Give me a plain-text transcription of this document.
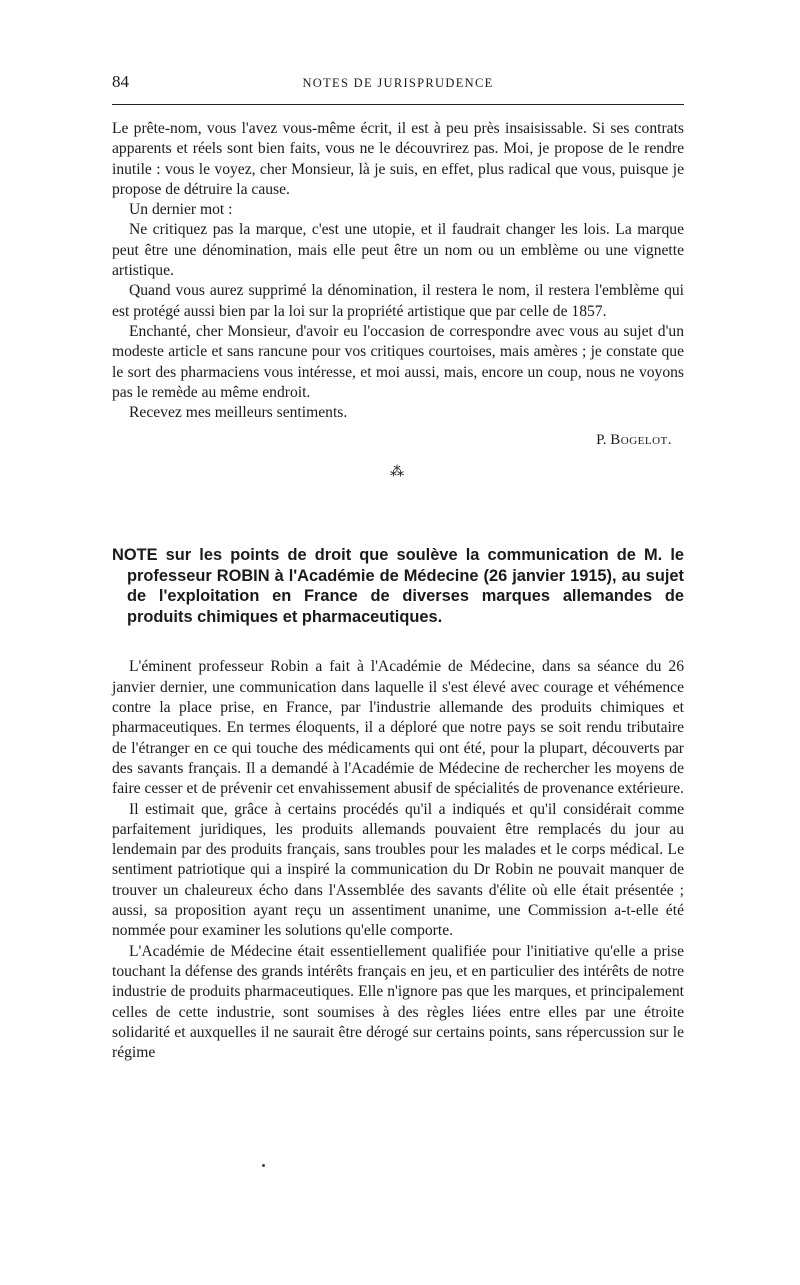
84	NOTES DE JURISPRUDENCE

Le prête-nom, vous l'avez vous-même écrit, il est à peu près insaisissable. Si ses contrats apparents et réels sont bien faits, vous ne le découvrirez pas. Moi, je propose de le rendre inutile : vous le voyez, cher Monsieur, là je suis, en effet, plus radical que vous, puisque je propose de détruire la cause.

Un dernier mot :

Ne critiquez pas la marque, c'est une utopie, et il faudrait changer les lois. La marque peut être une dénomination, mais elle peut être un nom ou un emblème ou une vignette artistique.

Quand vous aurez supprimé la dénomination, il restera le nom, il restera l'emblème qui est protégé aussi bien par la loi sur la propriété artistique que par celle de 1857.

Enchanté, cher Monsieur, d'avoir eu l'occasion de correspondre avec vous au sujet d'un modeste article et sans rancune pour vos critiques courtoises, mais amères ; je constate que le sort des pharmaciens vous intéresse, et moi aussi, mais, encore un coup, nous ne voyons pas le remède au même endroit.

Recevez mes meilleurs sentiments.

P. Bogelot.
⁂

NOTE sur les points de droit que soulève la communication de M. le professeur ROBIN à l'Académie de Médecine (26 janvier 1915), au sujet de l'exploitation en France de diverses marques allemandes de produits chimiques et pharmaceutiques.

L'éminent professeur Robin a fait à l'Académie de Médecine, dans sa séance du 26 janvier dernier, une communication dans laquelle il s'est élevé avec courage et véhémence contre la place prise, en France, par l'industrie allemande des produits chimiques et pharmaceutiques. En termes éloquents, il a déploré que notre pays se soit rendu tributaire de l'étranger en ce qui touche des médicaments qui ont été, pour la plupart, découverts par des savants français. Il a demandé à l'Académie de Médecine de rechercher les moyens de faire cesser et de prévenir cet envahissement abusif de spécialités de provenance extérieure.

Il estimait que, grâce à certains procédés qu'il a indiqués et qu'il considérait comme parfaitement juridiques, les produits allemands pouvaient être remplacés du jour au lendemain par des produits français, sans troubles pour les malades et le corps médical. Le sentiment patriotique qui a inspiré la communication du Dr Robin ne pouvait manquer de trouver un chaleureux écho dans l'Assemblée des savants d'élite où elle était présentée ; aussi, sa proposition ayant reçu un assentiment unanime, une Commission a-t-elle été nommée pour examiner les solutions qu'elle comporte.

L'Académie de Médecine était essentiellement qualifiée pour l'initiative qu'elle a prise touchant la défense des grands intérêts français en jeu, et en particulier des intérêts de notre industrie de produits pharmaceutiques. Elle n'ignore pas que les marques, et principalement celles de cette industrie, sont soumises à des règles liées entre elles par une étroite solidarité et auxquelles il ne saurait être dérogé sur certains points, sans répercussion sur le régime
